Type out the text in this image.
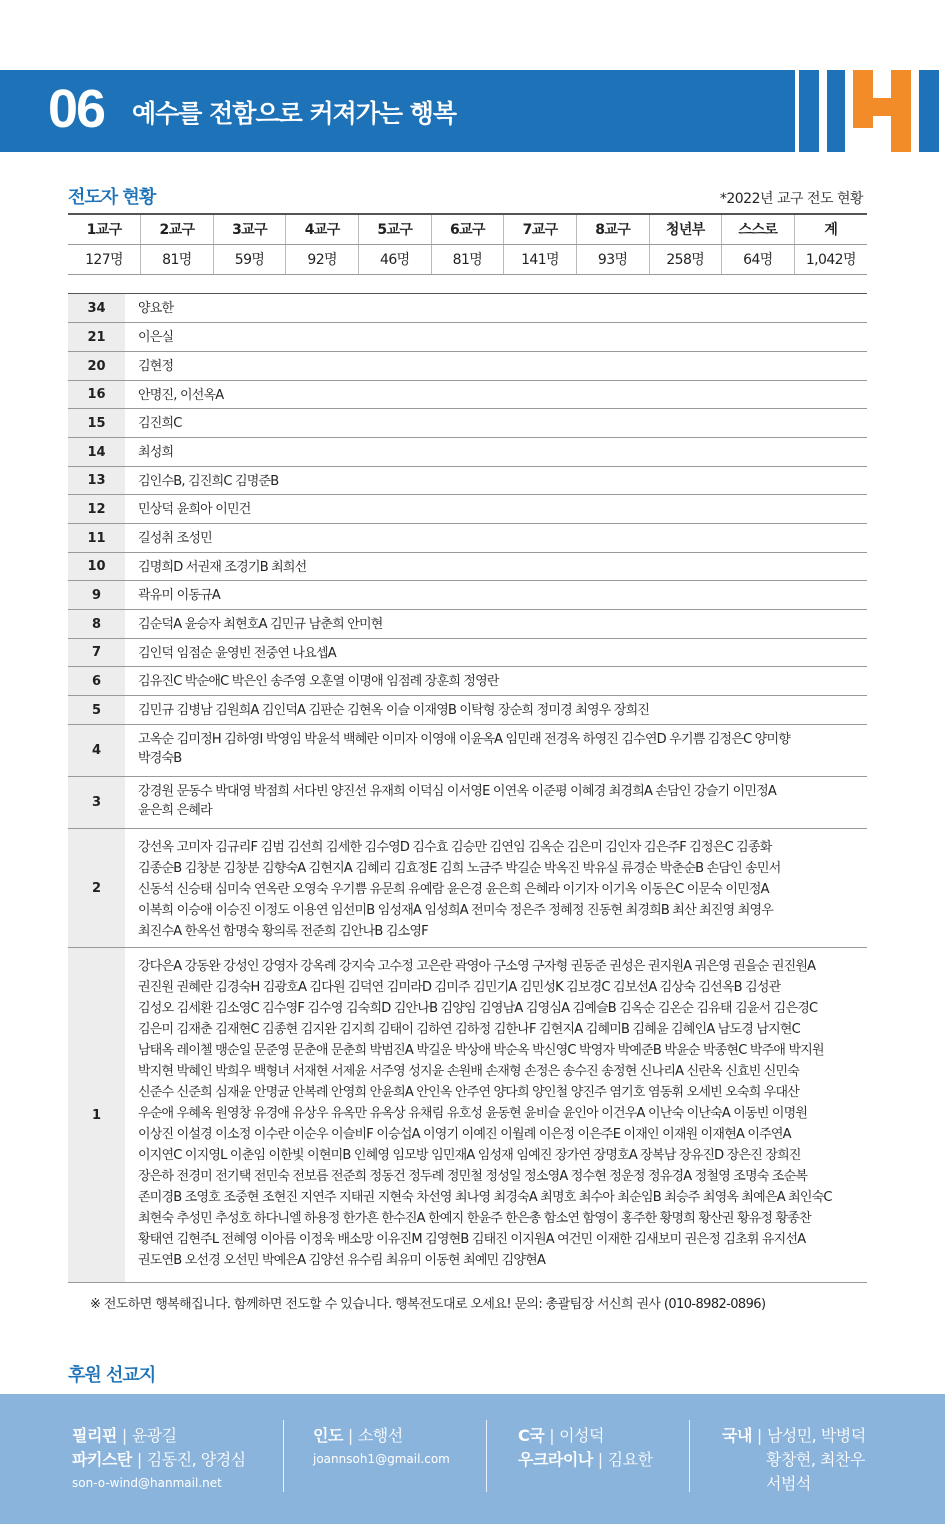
06 예수를 전함으로 커져가는 행복
전도자 현황	*2022년 교구 전도 현황
1교구	2교구	3교구	4교구	5교구	6교구	7교구	8교구	청년부	스스로	계
127명	81명	59명	92명	46명	81명	141명	93명	258명	64명	1,042명
34	양요한
21	이은실
20	김현정
16	안명진, 이선옥A
15	김진희C
14	최성희
13	김인수B, 김진희C 김명준B
12	민상덕 윤희아 이민건
11	길성취 조성민
10	김명희D 서권재 조경기B 최희선
9	곽유미 이동규A
8	김순덕A 윤승자 최현호A 김민규 남춘희 안미현
7	김인덕 임점순 윤영빈 전중연 나요셉A
6	김유진C 박순애C 박은인 송주영 오훈열 이명애 임점례 장훈희 정영란
5	김민규 김병남 김원희A 김인덕A 김판순 김현옥 이슬 이재영B 이탁형 장순희 정미경 최영우 장희진
4
고옥순 김미정H 김하영I 박영임 박윤석 백혜란 이미자 이영애 이윤옥A 임민래 전경옥 하영진 김수연D 우기쁨 김정은C 양미향
박경숙B
3
강경원 문동수 박대영 박점희 서다빈 양진선 유재희 이덕심 이서영E 이연옥 이준평 이혜경 최경희A 손담인 강슬기 이민정A
윤은희 은혜라
2
강선옥 고미자 김규리F 김범 김선희 김세한 김수영D 김수효 김승만 김연임 김옥순 김은미 김인자 김은주F 김정은C 김종화
김종순B 김창분 김창분 김향숙A 김현지A 김혜리 김효정E 김희 노금주 박길순 박옥진 박유실 류경순 박춘순B 손담인 송민서
신동석 신승태 심미숙 연옥란 오영숙 우기쁨 유문희 유예람 윤은경 윤은희 은혜라 이기자 이기옥 이동은C 이문숙 이민정A
이복희 이승애 이승진 이정도 이용연 임선미B 임성재A 임성희A 전미숙 정은주 정혜정 진동현 최경희B 최산 최진영 최영우
최진수A 한옥선 함명숙 황의록 전준희 김안나B 김소영F
1
강다은A 강동완 강성인 강영자 강옥례 강지숙 고수정 고은란 곽영아 구소영 구자형 권동준 권성은 권지원A 궈은영 권을순 권진원A
권진원 권혜란 김경숙H 김광호A 김다원 김덕연 김미라D 김미주 김민기A 김민성K 김보경C 김보선A 김상숙 김선옥B 김성관
김성오 김세환 김소영C 김수영F 김수영 김숙희D 김안나B 김양임 김영남A 김영심A 김예슬B 김옥순 김온순 김유태 김윤서 김은경C
김은미 김재춘 김재현C 김종현 김지완 김지희 김태이 김하연 김하정 김한나F 김현지A 김혜미B 김혜윤 김혜인A 남도경 남지현C
남태옥 레이첼 맹순일 문준영 문춘애 문춘희 박범진A 박길운 박상애 박순옥 박신영C 박영자 박예준B 박윤순 박종현C 박주애 박지원
박지현 박혜인 박희우 백형녀 서재현 서제윤 서주영 성지윤 손원배 손재형 손정은 송수진 송정현 신나리A 신란옥 신효빈 신민숙
신준수 신준희 심재윤 안명균 안복례 안영희 안윤희A 안인옥 안주연 양다희 양인철 양진주 염기호 염동휘 오세빈 오숙희 우대산
우순애 우혜옥 원영창 유경애 유상우 유옥만 유옥상 유채림 유호성 윤동현 윤비슬 윤인아 이건우A 이난숙 이난숙A 이동빈 이명원
이상진 이설경 이소정 이수란 이순우 이슬비F 이승섭A 이영기 이예진 이월례 이은정 이은주E 이재인 이재원 이재현A 이주연A
이지연C 이지영L 이춘임 이한빛 이현미B 인혜영 임모방 임민재A 임성재 임예진 장가연 장명호A 장복남 장유진D 장은진 장희진
장은하 전경미 전기택 전민숙 전보름 전준희 정동건 정두례 정민철 정성일 정소영A 정수현 정운정 정유경A 정철영 조명숙 조순복
존미경B 조영호 조중현 조현진 지연주 지태권 지현숙 차선영 최나영 최경숙A 최명호 최수아 최순임B 최승주 최영옥 최예은A 최인숙C
최현숙 추성민 추성호 하다니엘 하용정 한가흔 한수진A 한예지 한윤주 한은총 함소연 함영이 홍주한 황명희 황산권 황유정 황종찬
황태연 김현주L 전혜영 이아름 이정욱 배소망 이유진M 김영현B 김태진 이지원A 여건민 이재한 김새보미 권은정 김초휘 유지선A
권도연B 오선경 오선민 박예은A 김양선 유수림 최유미 이동현 최예민 김양현A
※ 전도하면 행복해집니다. 함께하면 전도할 수 있습니다. 행복전도대로 오세요! 문의: 총괄팀장 서신희 권사 (010-8982-0896)
후원 선교지
필리핀 | 윤광길
파키스탄 | 김동진, 양경심
son-o-wind@hanmail.net
인도 | 소행선
joannsoh1@gmail.com
C국 | 이성덕
우크라이나 | 김요한
국내 | 남성민, 박병덕
황창현, 최찬우
서범석
